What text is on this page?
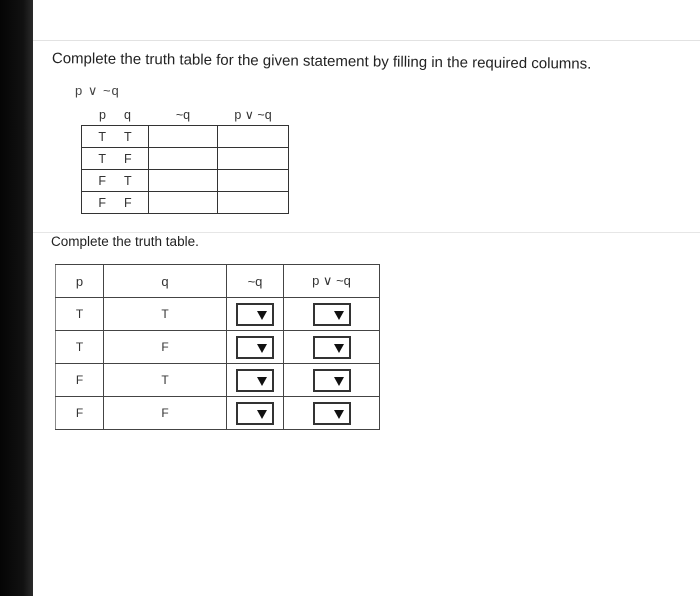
Complete the truth table for the given statement by filling in the required columns.
p ∨ ~q
p q	~q	p ∨ ~q

T T		

T F		

F T		

F F		

Complete the truth table.
p	q	~q	p ∨ ~q
T	T	

T	F	

F	T	

F	F	
